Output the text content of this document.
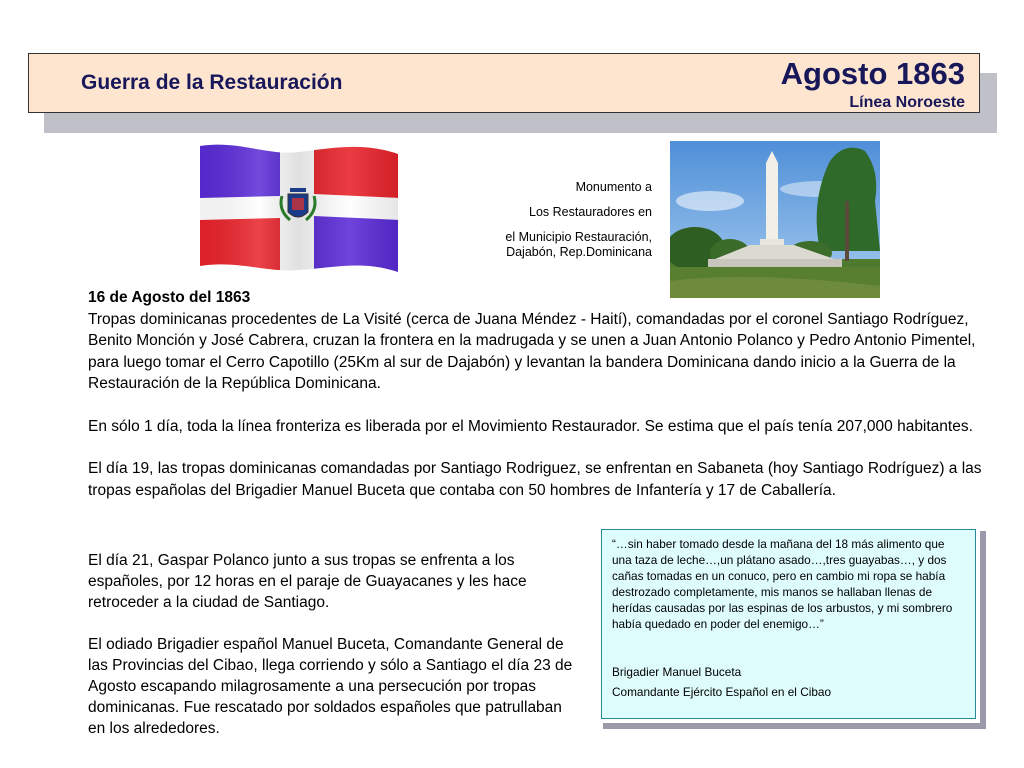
Guerra de la Restauración	Agosto 1863
Línea Noroeste
Monumento a
Los Restauradores en
el Municipio Restauración,
Dajabón, Rep.Dominicana

16 de Agosto del 1863

Tropas dominicanas procedentes de La Visité (cerca de Juana Méndez - Haití), comandadas por el coronel Santiago Rodríguez, Benito Monción y José Cabrera, cruzan la frontera en la madrugada y se unen a Juan Antonio Polanco y Pedro Antonio Pimentel, para luego tomar el Cerro Capotillo (25Km al sur de Dajabón) y levantan la bandera Dominicana dando inicio a la Guerra de la Restauración de la República Dominicana.

En sólo 1 día, toda la línea fronteriza es liberada por el Movimiento Restaurador. Se estima que el país tenía 207,000 habitantes.

El día 19, las tropas dominicanas comandadas por Santiago Rodriguez, se enfrentan en Sabaneta (hoy Santiago Rodríguez) a las tropas españolas del Brigadier Manuel Buceta que contaba con 50 hombres de Infantería y 17 de Caballería.

El día 21, Gaspar Polanco junto a sus tropas se enfrenta a los españoles, por 12 horas en el paraje de Guayacanes y les hace retroceder a la ciudad de Santiago.

El odiado Brigadier español Manuel Buceta, Comandante General de las Provincias del Cibao, llega corriendo y sólo a Santiago el día 23 de Agosto escapando milagrosamente a una persecución por tropas dominicanas. Fue rescatado por soldados españoles que patrullaban en los alrededores.

“…sin haber tomado desde la mañana del 18 más alimento que una taza de leche…,un plátano asado…,tres guayabas…, y dos cañas tomadas en un conuco, pero en cambio mi ropa se había destrozado completamente, mis manos se hallaban llenas de herídas causadas por las espinas de los arbustos, y mi sombrero había quedado en poder del enemigo…”

Brigadier Manuel Buceta

Comandante Ejército Español en el Cibao
